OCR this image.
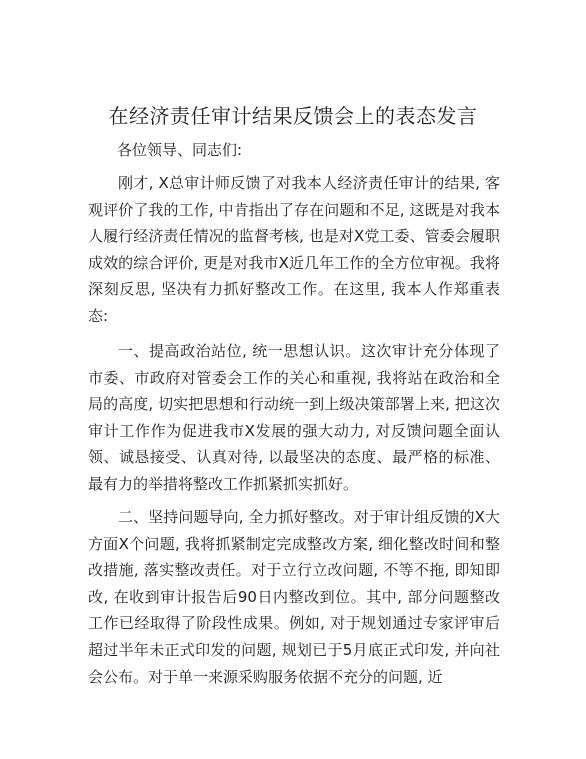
在经济责任审计结果反馈会上的表态发言
各位领导、同志们:

刚才, X总审计师反馈了对我本人经济责任审计的结果, 客观评价了我的工作, 中肯指出了存在问题和不足, 这既是对我本人履行经济责任情况的监督考核, 也是对X党工委、管委会履职成效的综合评价, 更是对我市X近几年工作的全方位审视。我将深刻反思, 坚决有力抓好整改工作。在这里, 我本人作郑重表态:

一、提高政治站位, 统一思想认识。这次审计充分体现了市委、市政府对管委会工作的关心和重视, 我将站在政治和全局的高度, 切实把思想和行动统一到上级决策部署上来, 把这次审计工作作为促进我市X发展的强大动力, 对反馈问题全面认领、诚恳接受、认真对待, 以最坚决的态度、最严格的标准、最有力的举措将整改工作抓紧抓实抓好。

二、坚持问题导向, 全力抓好整改。对于审计组反馈的X大方面X个问题, 我将抓紧制定完成整改方案, 细化整改时间和整改措施, 落实整改责任。对于立行立改问题, 不等不拖, 即知即改, 在收到审计报告后90日内整改到位。其中, 部分问题整改工作已经取得了阶段性成果。例如, 对于规划通过专家评审后超过半年未正式印发的问题, 规划已于5月底正式印发, 并向社会公布。对于单一来源采购服务依据不充分的问题, 近
